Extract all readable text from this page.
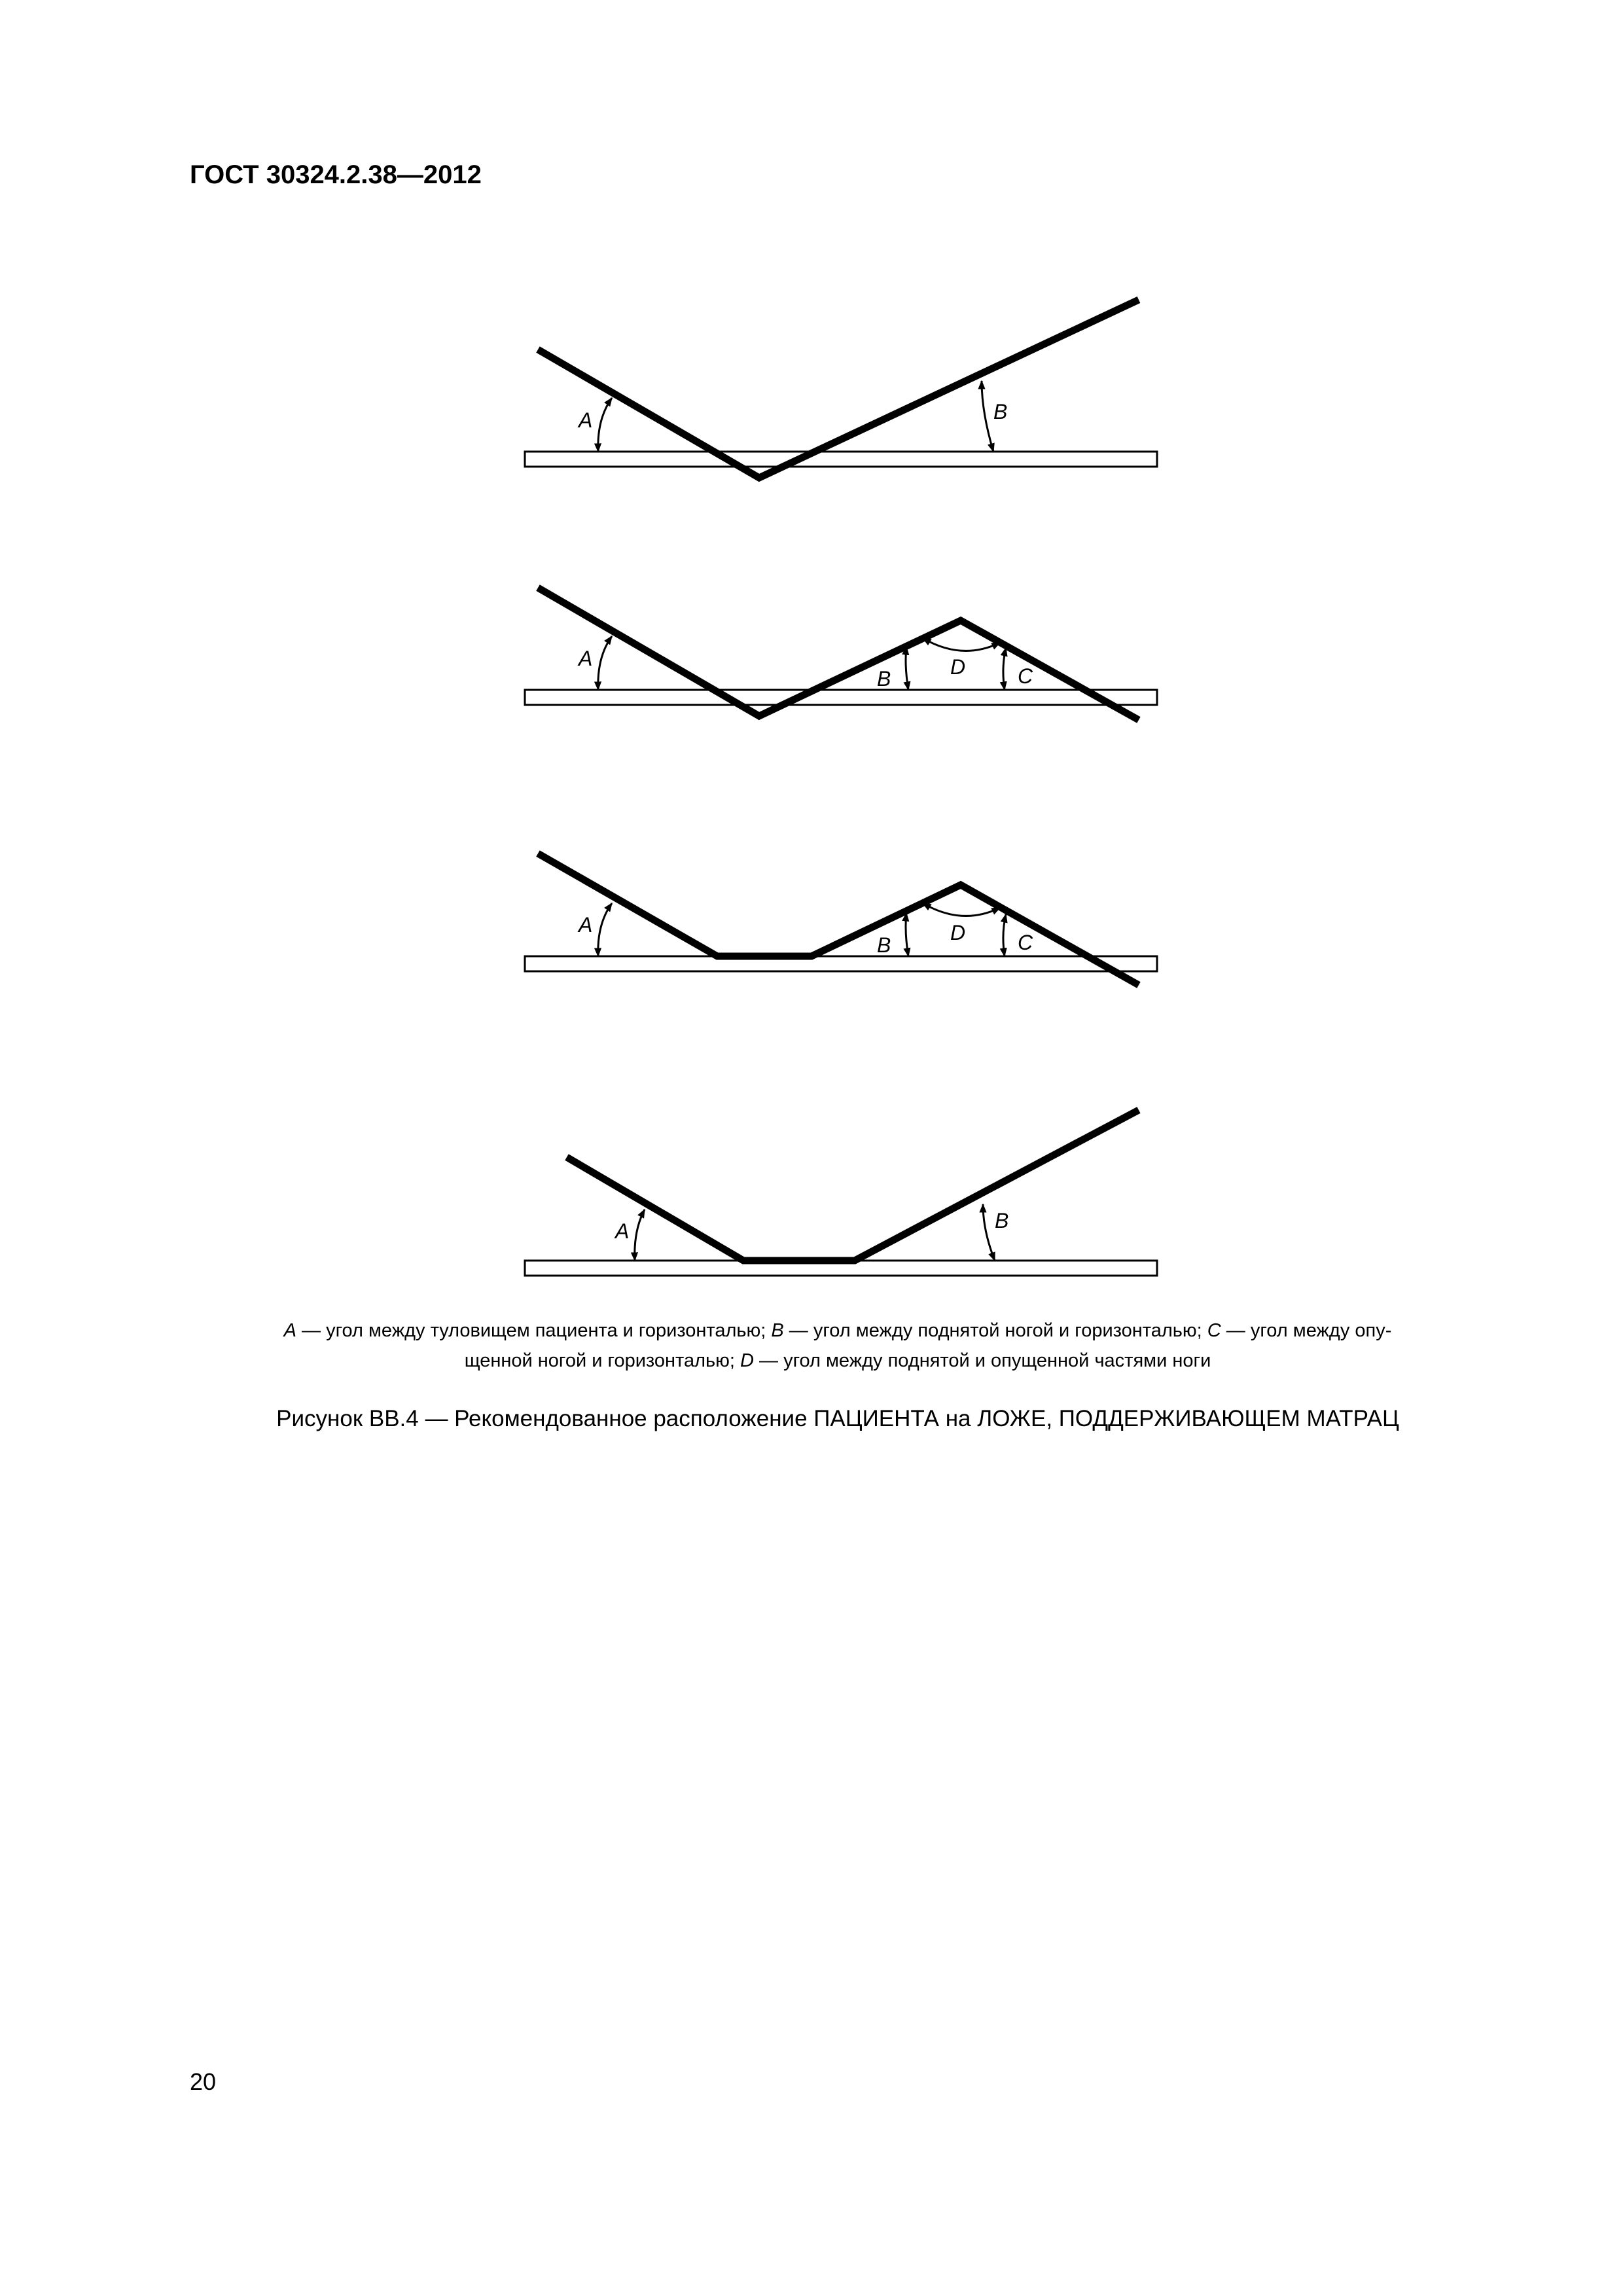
ГОСТ 30324.2.38—2012
A	B
A
B	D C
A
B
D C
A	B
A — угол между туловищем пациента и горизонталью; B — угол между поднятой ногой и горизонталью; C — угол между опу-
щенной ногой и горизонталью; D — угол между поднятой и опущенной частями ноги
Рисунок ВВ.4 — Рекомендованное расположение ПАЦИЕНТА на ЛОЖЕ, ПОДДЕРЖИВАЮЩЕМ МАТРАЦ
20
